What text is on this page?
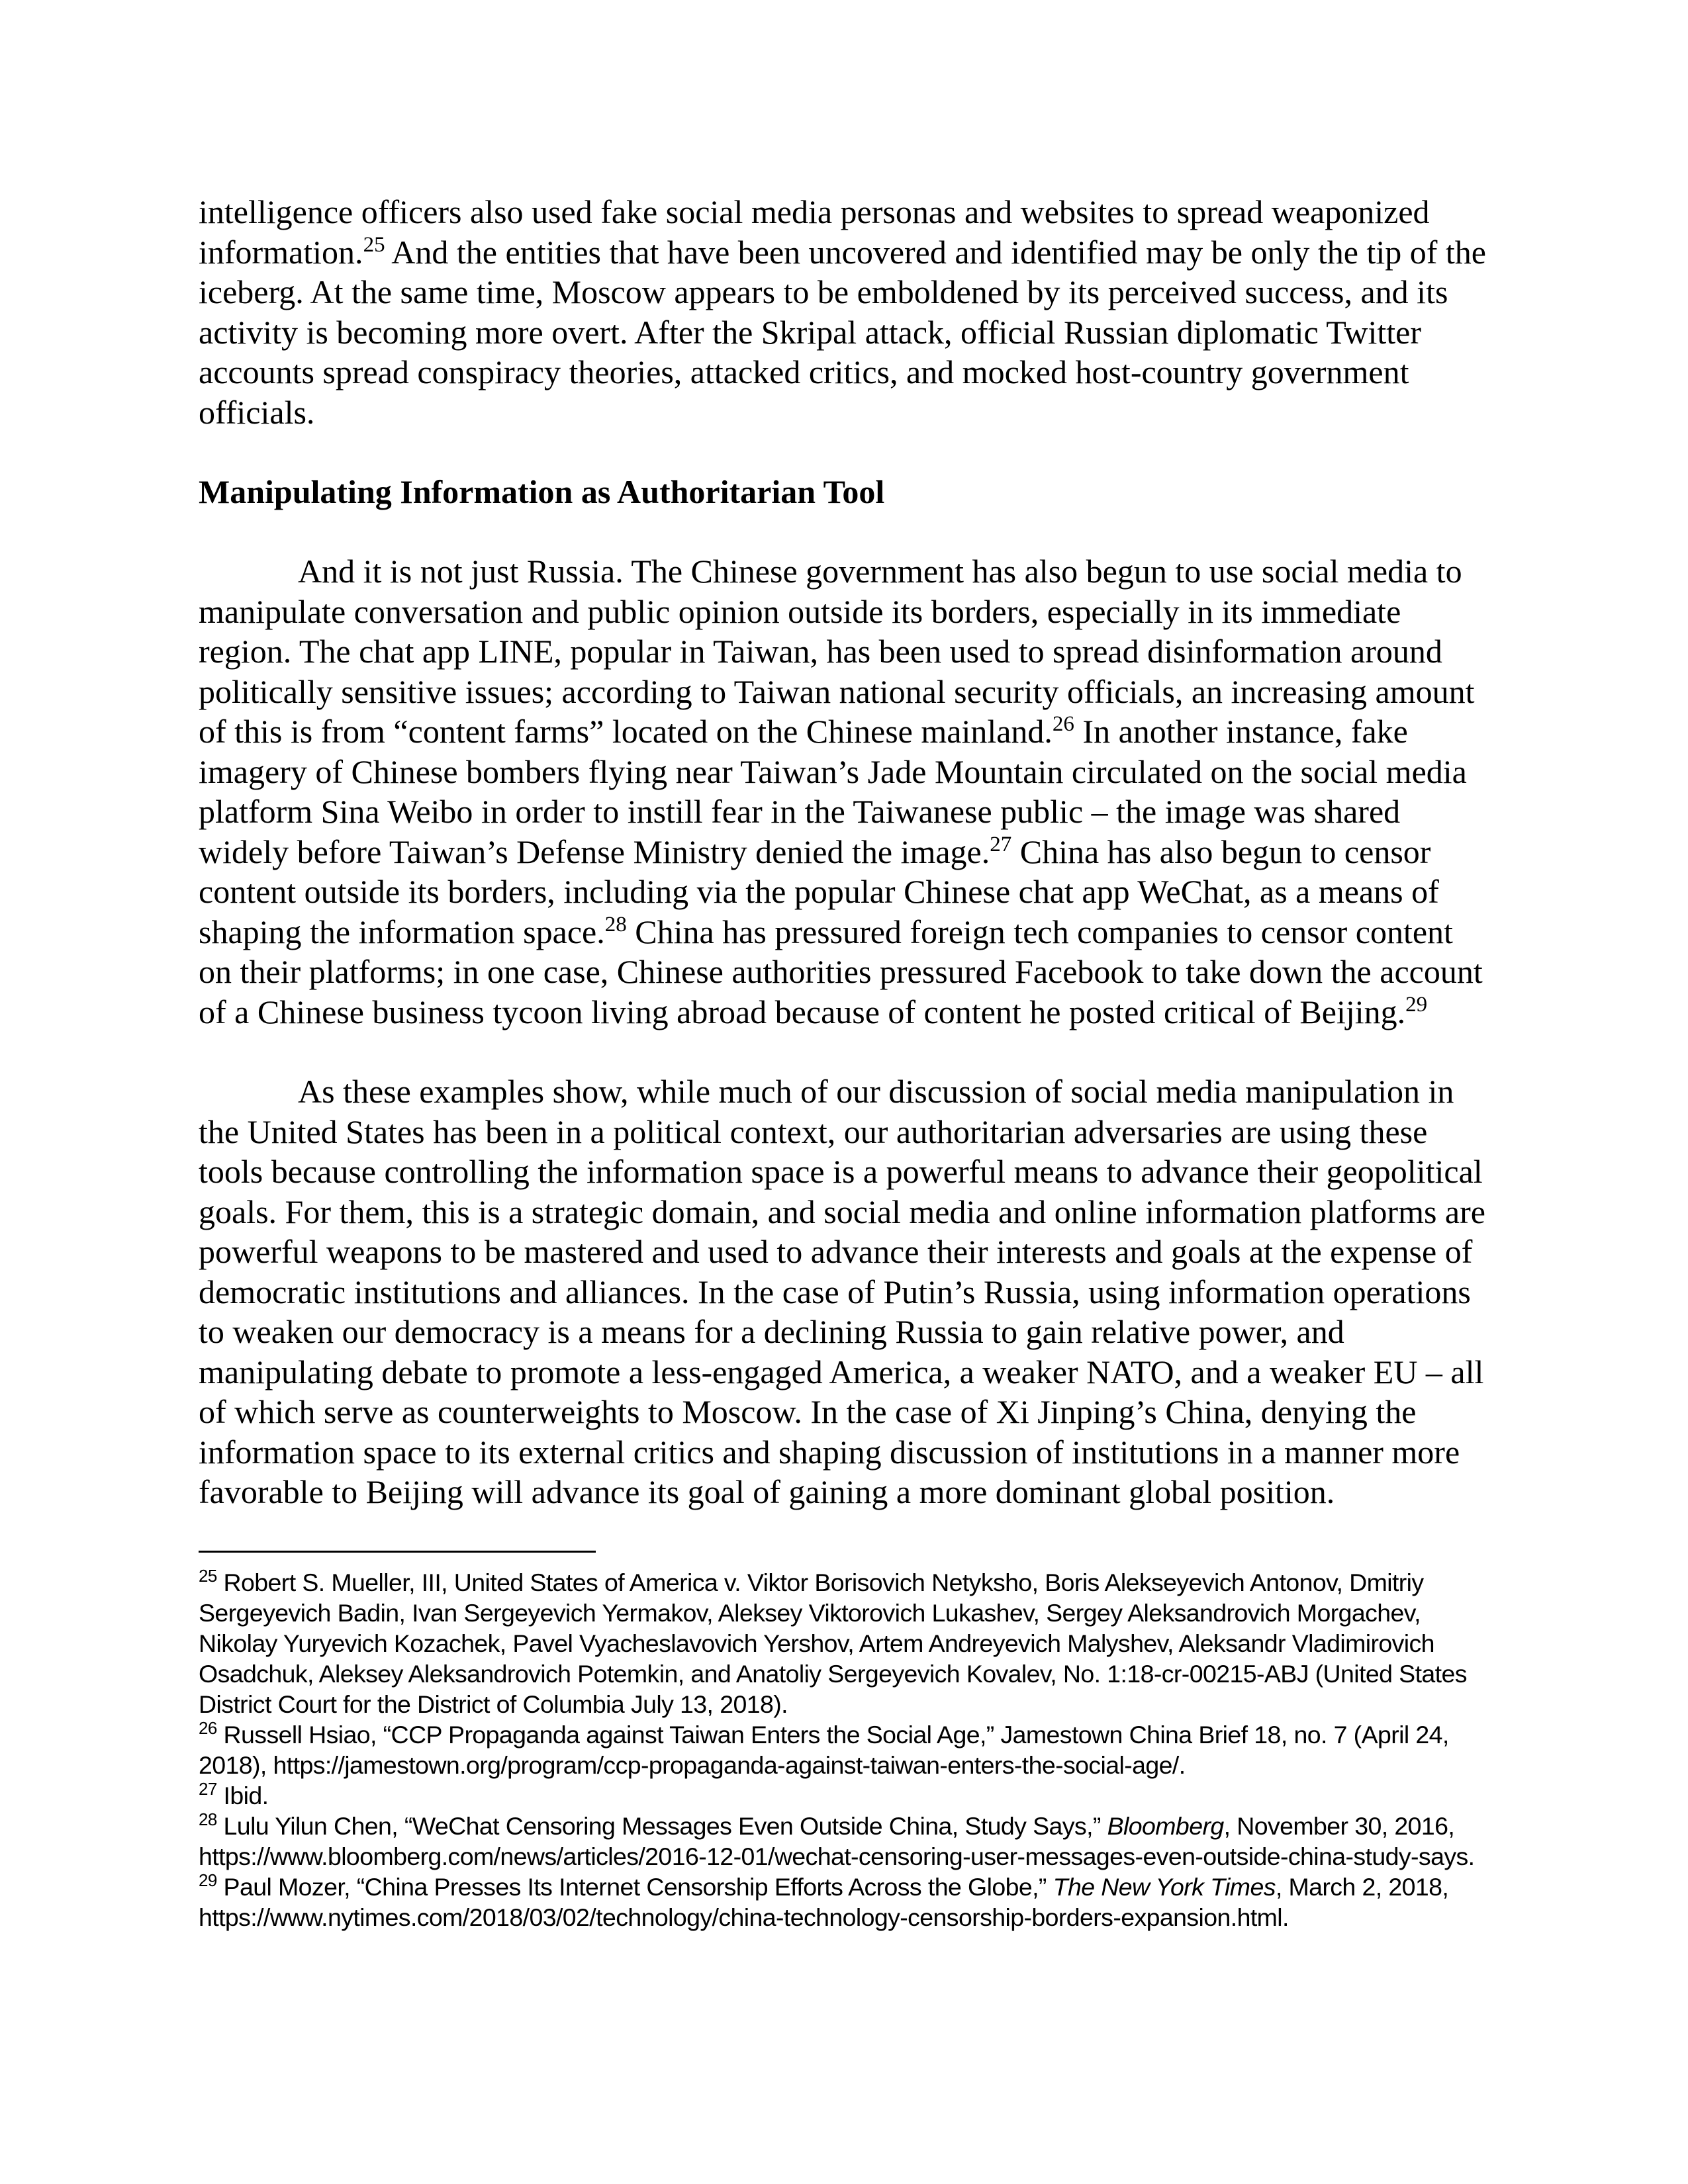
intelligence officers also used fake social media personas and websites to spread weaponized information.$^{25}$ And the entities that have been uncovered and identified may be only the tip of the iceberg. At the same time, Moscow appears to be emboldened by its perceived success, and its activity is becoming more overt. After the Skripal attack, official Russian diplomatic Twitter accounts spread conspiracy theories, attacked critics, and mocked host-country government officials.

Manipulating Information as Authoritarian Tool

And it is not just Russia. The Chinese government has also begun to use social media to manipulate conversation and public opinion outside its borders, especially in its immediate region. The chat app LINE, popular in Taiwan, has been used to spread disinformation around politically sensitive issues; according to Taiwan national security officials, an increasing amount of this is from “content farms” located on the Chinese mainland.$^{26}$ In another instance, fake imagery of Chinese bombers flying near Taiwan’s Jade Mountain circulated on the social media platform Sina Weibo in order to instill fear in the Taiwanese public – the image was shared widely before Taiwan’s Defense Ministry denied the image.$^{27}$ China has also begun to censor content outside its borders, including via the popular Chinese chat app WeChat, as a means of shaping the information space.$^{28}$ China has pressured foreign tech companies to censor content on their platforms; in one case, Chinese authorities pressured Facebook to take down the account of a Chinese business tycoon living abroad because of content he posted critical of Beijing.$^{29}$

As these examples show, while much of our discussion of social media manipulation in the United States has been in a political context, our authoritarian adversaries are using these tools because controlling the information space is a powerful means to advance their geopolitical goals. For them, this is a strategic domain, and social media and online information platforms are powerful weapons to be mastered and used to advance their interests and goals at the expense of democratic institutions and alliances. In the case of Putin’s Russia, using information operations to weaken our democracy is a means for a declining Russia to gain relative power, and manipulating debate to promote a less-engaged America, a weaker NATO, and a weaker EU – all of which serve as counterweights to Moscow. In the case of Xi Jinping’s China, denying the information space to its external critics and shaping discussion of institutions in a manner more favorable to Beijing will advance its goal of gaining a more dominant global position.

$^{25}$ Robert S. Mueller, III, United States of America v. Viktor Borisovich Netyksho, Boris Alekseyevich Antonov, Dmitriy Sergeyevich Badin, Ivan Sergeyevich Yermakov, Aleksey Viktorovich Lukashev, Sergey Aleksandrovich Morgachev, Nikolay Yuryevich Kozachek, Pavel Vyacheslavovich Yershov, Artem Andreyevich Malyshev, Aleksandr Vladimirovich Osadchuk, Aleksey Aleksandrovich Potemkin, and Anatoliy Sergeyevich Kovalev, No. 1:18-cr-00215-ABJ (United States District Court for the District of Columbia July 13, 2018).

$^{26}$ Russell Hsiao, “CCP Propaganda against Taiwan Enters the Social Age,” Jamestown China Brief 18, no. 7 (April 24, 2018), https://jamestown.org/program/ccp-propaganda-against-taiwan-enters-the-social-age/.

$^{27}$ Ibid.

$^{28}$ Lulu Yilun Chen, “WeChat Censoring Messages Even Outside China, Study Says,” Bloomberg, November 30, 2016, https://www.bloomberg.com/news/articles/2016-12-01/wechat-censoring-user-messages-even-outside-china-study-says.

$^{29}$ Paul Mozer, “China Presses Its Internet Censorship Efforts Across the Globe,” The New York Times, March 2, 2018, https://www.nytimes.com/2018/03/02/technology/china-technology-censorship-borders-expansion.html.
